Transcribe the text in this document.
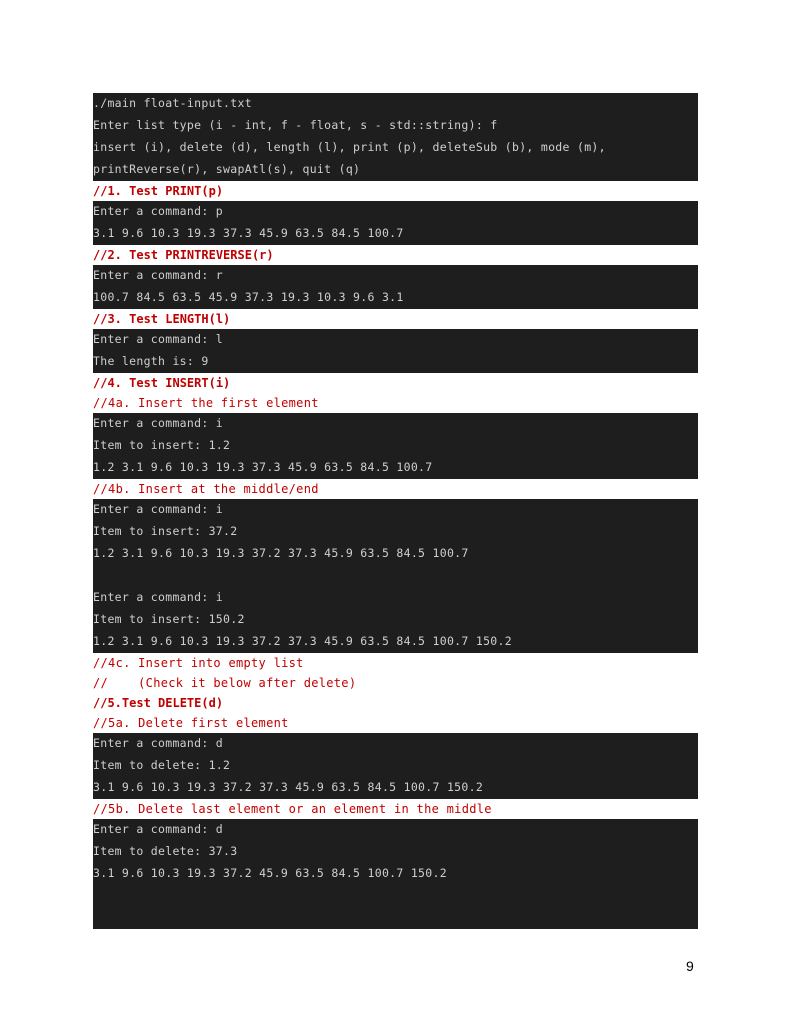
./main float-input.txt
Enter list type (i - int, f - float, s - std::string): f
insert (i), delete (d), length (l), print (p), deleteSub (b), mode (m),
printReverse(r), swapAtl(s), quit (q)
//1. Test PRINT(p)
Enter a command: p
3.1 9.6 10.3 19.3 37.3 45.9 63.5 84.5 100.7
//2. Test PRINTREVERSE(r)
Enter a command: r
100.7 84.5 63.5 45.9 37.3 19.3 10.3 9.6 3.1
//3. Test LENGTH(l)
Enter a command: l
The length is: 9
//4. Test INSERT(i)
//4a. Insert the first element
Enter a command: i
Item to insert: 1.2
1.2 3.1 9.6 10.3 19.3 37.3 45.9 63.5 84.5 100.7
//4b. Insert at the middle/end
Enter a command: i
Item to insert: 37.2
1.2 3.1 9.6 10.3 19.3 37.2 37.3 45.9 63.5 84.5 100.7
Enter a command: i
Item to insert: 150.2
1.2 3.1 9.6 10.3 19.3 37.2 37.3 45.9 63.5 84.5 100.7 150.2
//4c. Insert into empty list
//    (Check it below after delete)
//5.Test DELETE(d)
//5a. Delete first element
Enter a command: d
Item to delete: 1.2
3.1 9.6 10.3 19.3 37.2 37.3 45.9 63.5 84.5 100.7 150.2
//5b. Delete last element or an element in the middle
Enter a command: d
Item to delete: 37.3
3.1 9.6 10.3 19.3 37.2 45.9 63.5 84.5 100.7 150.2
9
